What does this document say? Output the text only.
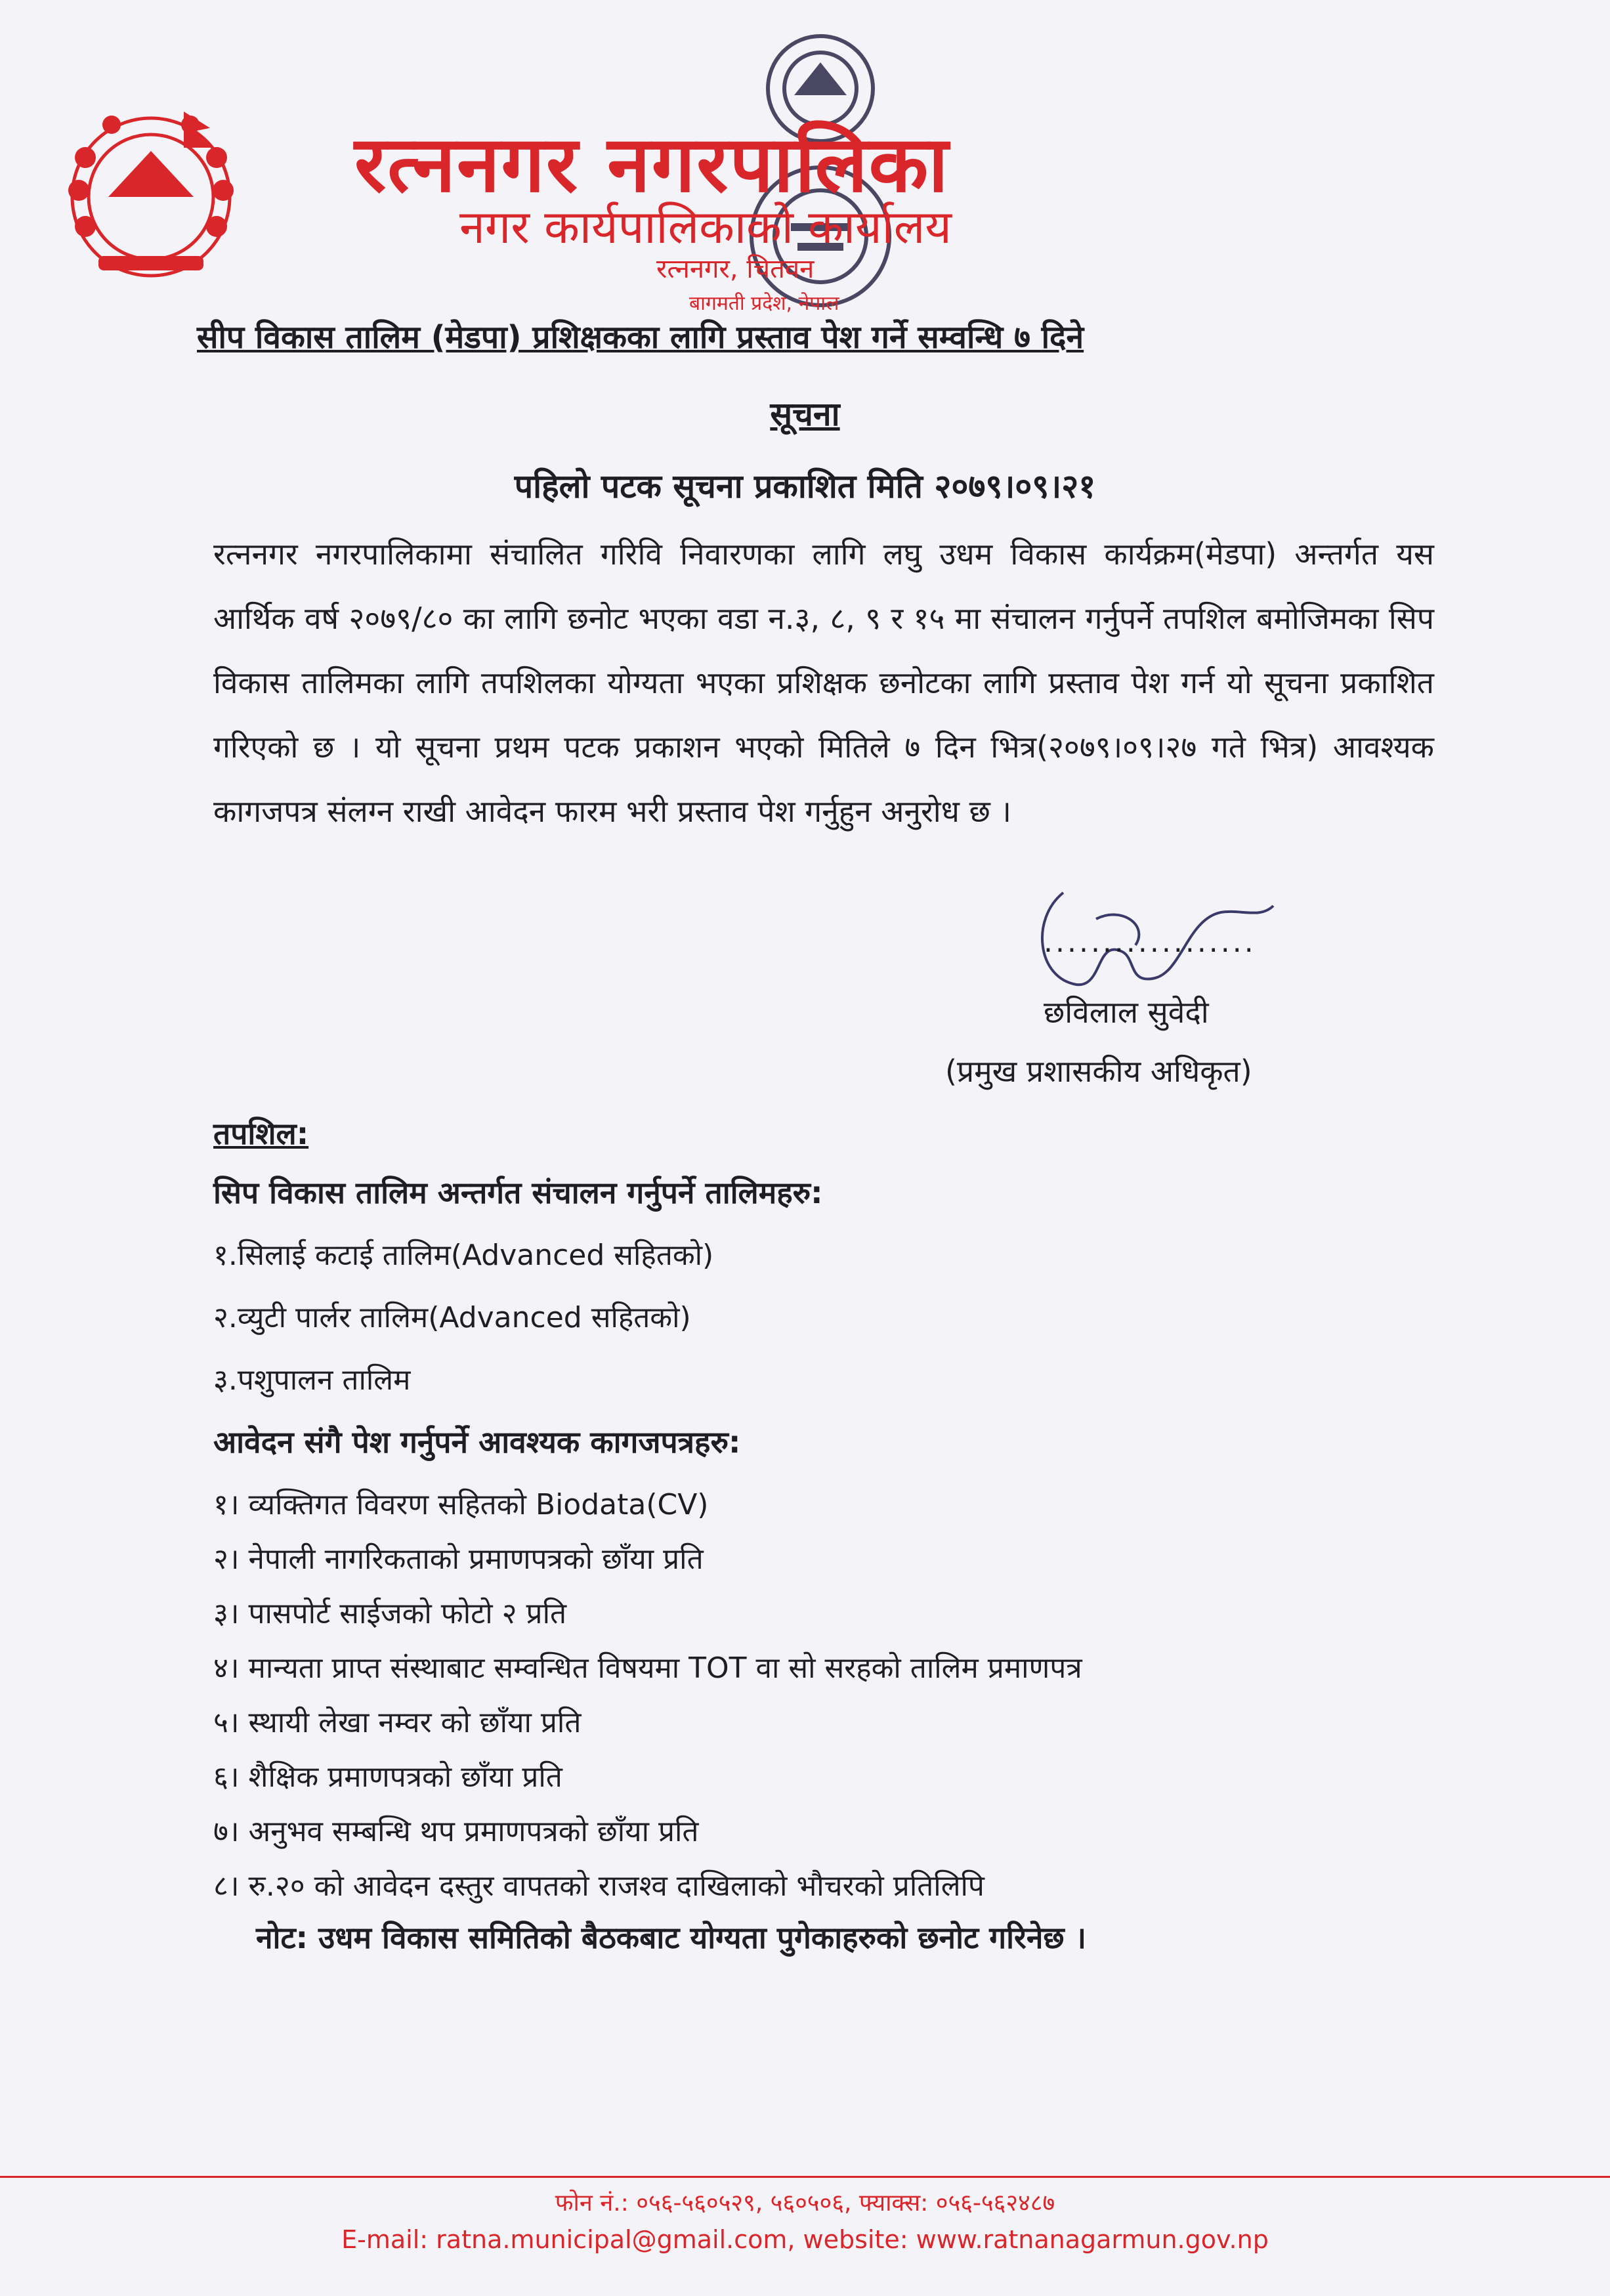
रत्ननगर नगरपालिका
नगर कार्यपालिकाको कार्यालय
रत्ननगर, चितवन
बागमती प्रदेश, नेपाल
सीप विकास तालिम (मेडपा) प्रशिक्षकका लागि प्रस्ताव पेश गर्ने सम्वन्धि ७ दिने
सूचना
पहिलो पटक सूचना प्रकाशित मिति २०७९।०९।२१
रत्ननगर नगरपालिकामा संचालित गरिवि निवारणका लागि लघु उधम विकास कार्यक्रम(मेडपा) अन्तर्गत यस आर्थिक वर्ष २०७९/८० का लागि छनोट भएका वडा न.३, ८, ९ र १५ मा संचालन गर्नुपर्ने तपशिल बमोजिमका सिप विकास तालिमका लागि तपशिलका योग्यता भएका प्रशिक्षक छनोटका लागि प्रस्ताव पेश गर्न यो सूचना प्रकाशित गरिएको छ । यो सूचना प्रथम पटक प्रकाशन भएको मितिले ७ दिन भित्र(२०७९।०९।२७ गते भित्र) आवश्यक कागजपत्र संलग्न राखी आवेदन फारम भरी प्रस्ताव पेश गर्नुहुन अनुरोध छ ।
..................
छविलाल सुवेदी
(प्रमुख प्रशासकीय अधिकृत)
तपशिल:
सिप विकास तालिम अन्तर्गत संचालन गर्नुपर्ने तालिमहरु:
१.सिलाई कटाई तालिम(Advanced सहितको)
२.व्युटी पार्लर तालिम(Advanced सहितको)
३.पशुपालन तालिम
आवेदन संगै पेश गर्नुपर्ने आवश्यक कागजपत्रहरु:
१। व्यक्तिगत विवरण सहितको Biodata(CV)
२। नेपाली नागरिकताको प्रमाणपत्रको छाँया प्रति
३। पासपोर्ट साईजको फोटो २ प्रति
४। मान्यता प्राप्त संस्थाबाट सम्वन्धित विषयमा TOT वा सो सरहको तालिम प्रमाणपत्र
५। स्थायी लेखा नम्वर को छाँया प्रति
६। शैक्षिक प्रमाणपत्रको छाँया प्रति
७। अनुभव सम्बन्धि थप प्रमाणपत्रको छाँया प्रति
८। रु.२० को आवेदन दस्तुर वापतको राजश्व दाखिलाको भौचरको प्रतिलिपि
नोट: उधम विकास समितिको बैठकबाट योग्यता पुगेकाहरुको छनोट गरिनेछ ।
फोन नं.: ०५६-५६०५२९, ५६०५०६, फ्याक्स: ०५६-५६२४८७
E-mail: ratna.municipal@gmail.com, website: www.ratnanagarmun.gov.np
